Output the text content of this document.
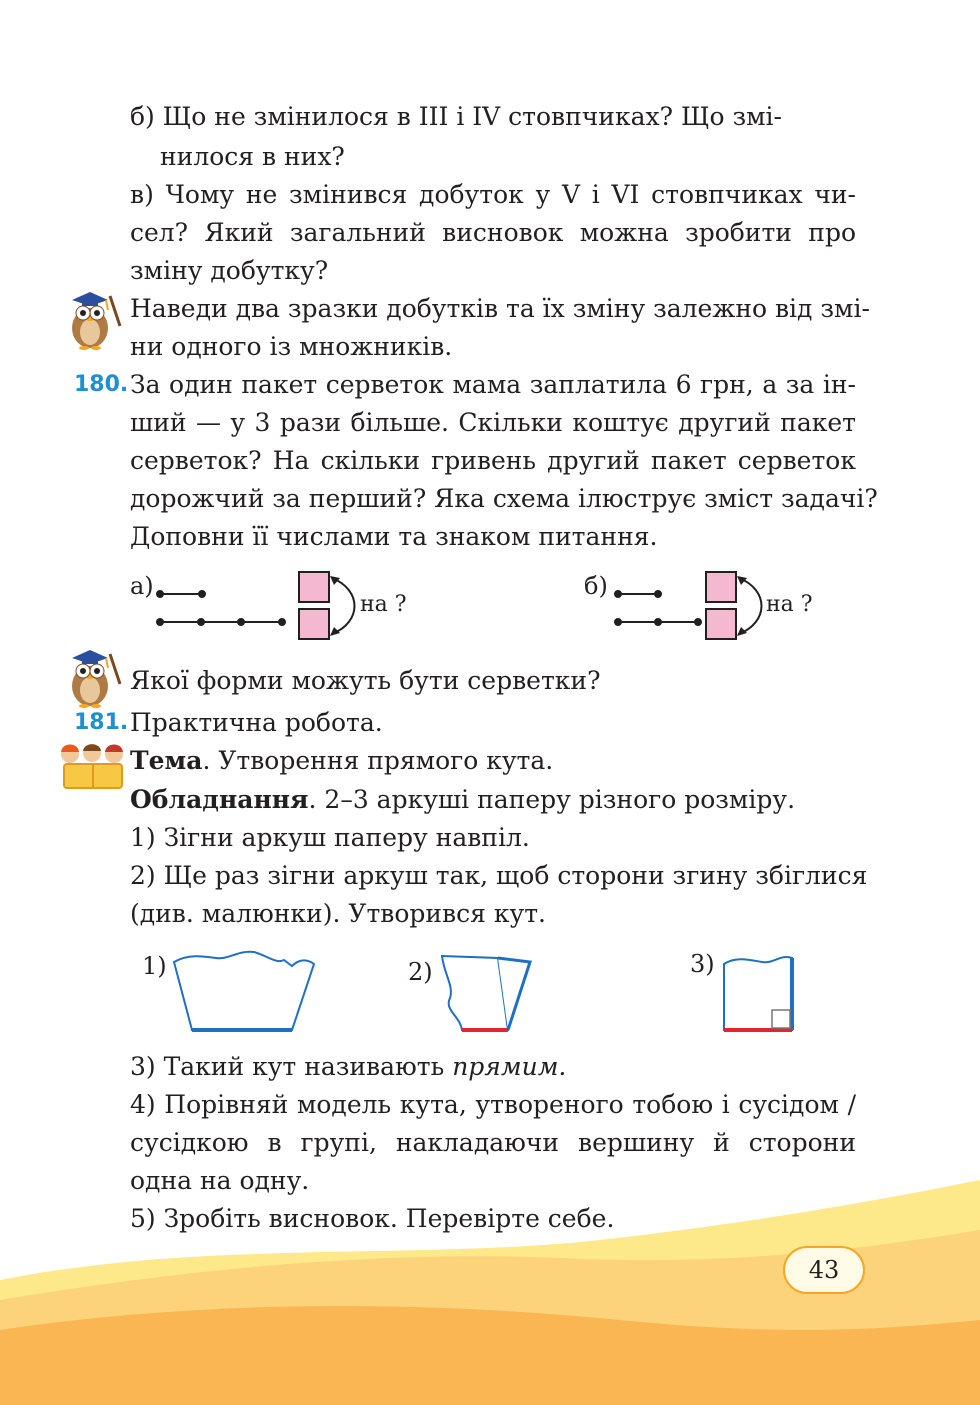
б) Що не змінилося в III і IV стовпчиках? Що змі-
нилося в них?
в) Чому не змінився добуток у V і VI стовпчиках чи-
сел? Який загальний висновок можна зробити про
зміну добутку?
Наведи два зразки добутків та їх зміну залежно від змі-
ни одного із множників.
180. За один пакет серветок мама заплатила 6 грн, а за ін-
ший — у 3 рази більше. Скільки коштує другий пакет
серветок? На скільки гривень другий пакет серветок
дорожчий за перший? Яка схема ілюструє зміст задачі?
Доповни її числами та знаком питання.
а)
на ?
б)
на ?
Якої форми можуть бути серветки?
181. Практична робота.
Тема. Утворення прямого кута.
Обладнання. 2–3 аркуші паперу різного розміру.
1) Зігни аркуш паперу навпіл.
2) Ще раз зігни аркуш так, щоб сторони згину збіглися
(див. малюнки). Утворився кут.
1)	2)	3)
3) Такий кут називають прямим.
4) Порівняй модель кута, утвореного тобою і сусідом /
сусідкою в групі, накладаючи вершину й сторони
одна на одну.
5) Зробіть висновок. Перевірте себе.
43
